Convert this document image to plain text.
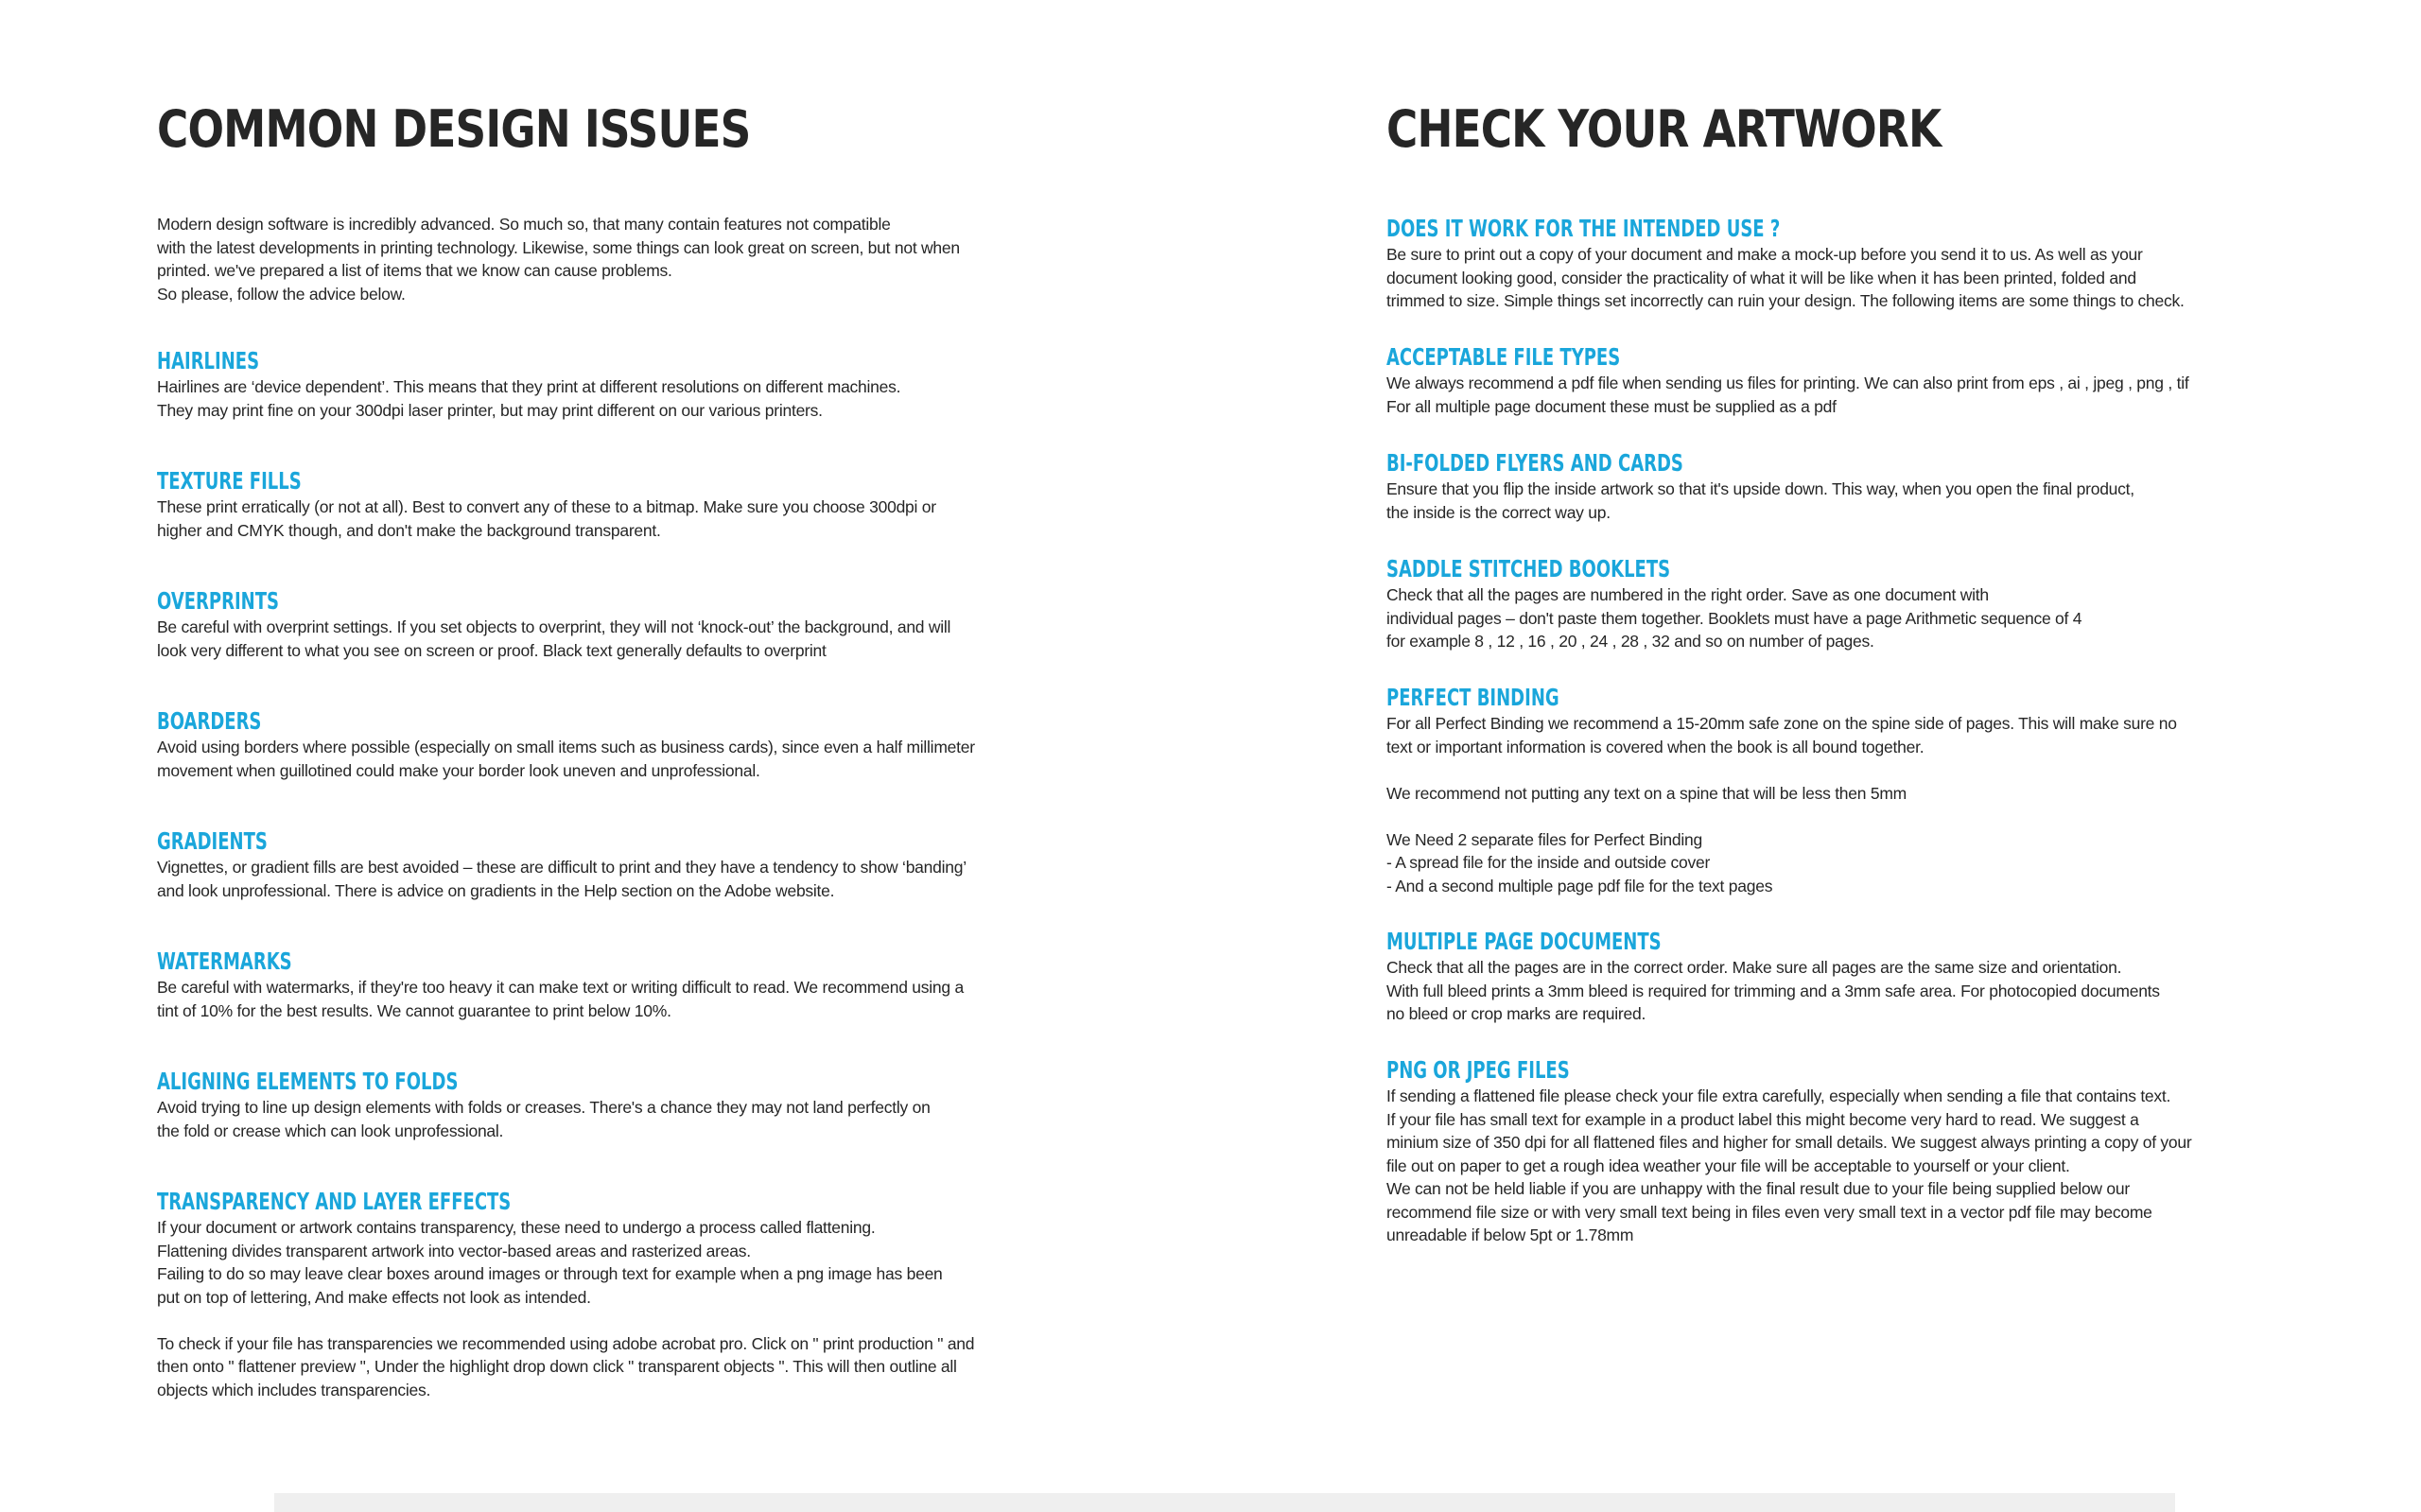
COMMON DESIGN ISSUES

Modern design software is incredibly advanced. So much so, that many contain features not compatible
with the latest developments in printing technology. Likewise, some things can look great on screen, but not when
printed. we've prepared a list of items that we know can cause problems.
So please, follow the advice below.

HAIRLINES

Hairlines are ‘device dependent’. This means that they print at different resolutions on different machines.
They may print fine on your 300dpi laser printer, but may print different on our various printers.

TEXTURE FILLS

These print erratically (or not at all). Best to convert any of these to a bitmap. Make sure you choose 300dpi or
higher and CMYK though, and don't make the background transparent.

OVERPRINTS

Be careful with overprint settings. If you set objects to overprint, they will not ‘knock-out’ the background, and will
look very different to what you see on screen or proof. Black text generally defaults to overprint

BOARDERS

Avoid using borders where possible (especially on small items such as business cards), since even a half millimeter
movement when guillotined could make your border look uneven and unprofessional.

GRADIENTS

Vignettes, or gradient fills are best avoided – these are difficult to print and they have a tendency to show ‘banding’
and look unprofessional. There is advice on gradients in the Help section on the Adobe website.

WATERMARKS

Be careful with watermarks, if they're too heavy it can make text or writing difficult to read. We recommend using a
tint of 10% for the best results. We cannot guarantee to print below 10%.

ALIGNING ELEMENTS TO FOLDS

Avoid trying to line up design elements with folds or creases. There's a chance they may not land perfectly on
the fold or crease which can look unprofessional.

TRANSPARENCY AND LAYER EFFECTS

If your document or artwork contains transparency, these need to undergo a process called flattening.
Flattening divides transparent artwork into vector-based areas and rasterized areas.
Failing to do so may leave clear boxes around images or through text for example when a png image has been
put on top of lettering, And make effects not look as intended.

To check if your file has transparencies we recommended using adobe acrobat pro. Click on " print production " and
then onto " flattener preview ", Under the highlight drop down click " transparent objects ". This will then outline all
objects which includes transparencies.

CHECK YOUR ARTWORK
DOES IT WORK FOR THE INTENDED USE ?

Be sure to print out a copy of your document and make a mock-up before you send it to us. As well as your
document looking good, consider the practicality of what it will be like when it has been printed, folded and
trimmed to size. Simple things set incorrectly can ruin your design. The following items are some things to check.

ACCEPTABLE FILE TYPES

We always recommend a pdf file when sending us files for printing. We can also print from eps , ai , jpeg , png , tif
For all multiple page document these must be supplied as a pdf

BI-FOLDED FLYERS AND CARDS

Ensure that you flip the inside artwork so that it's upside down. This way, when you open the final product,
the inside is the correct way up.

SADDLE STITCHED BOOKLETS

Check that all the pages are numbered in the right order. Save as one document with
individual pages – don't paste them together. Booklets must have a page Arithmetic sequence of 4
for example 8 , 12 , 16 , 20 , 24 , 28 , 32 and so on number of pages.

PERFECT BINDING

For all Perfect Binding we recommend a 15-20mm safe zone on the spine side of pages. This will make sure no
text or important information is covered when the book is all bound together.

We recommend not putting any text on a spine that will be less then 5mm

We Need 2 separate files for Perfect Binding
- A spread file for the inside and outside cover
- And a second multiple page pdf file for the text pages

MULTIPLE PAGE DOCUMENTS

Check that all the pages are in the correct order. Make sure all pages are the same size and orientation.
With full bleed prints a 3mm bleed is required for trimming and a 3mm safe area. For photocopied documents
no bleed or crop marks are required.

PNG OR JPEG FILES

If sending a flattened file please check your file extra carefully, especially when sending a file that contains text.
If your file has small text for example in a product label this might become very hard to read. We suggest a
minium size of 350 dpi for all flattened files and higher for small details. We suggest always printing a copy of your
file out on paper to get a rough idea weather your file will be acceptable to yourself or your client.
We can not be held liable if you are unhappy with the final result due to your file being supplied below our
recommend file size or with very small text being in files even very small text in a vector pdf file may become
unreadable if below 5pt or 1.78mm
